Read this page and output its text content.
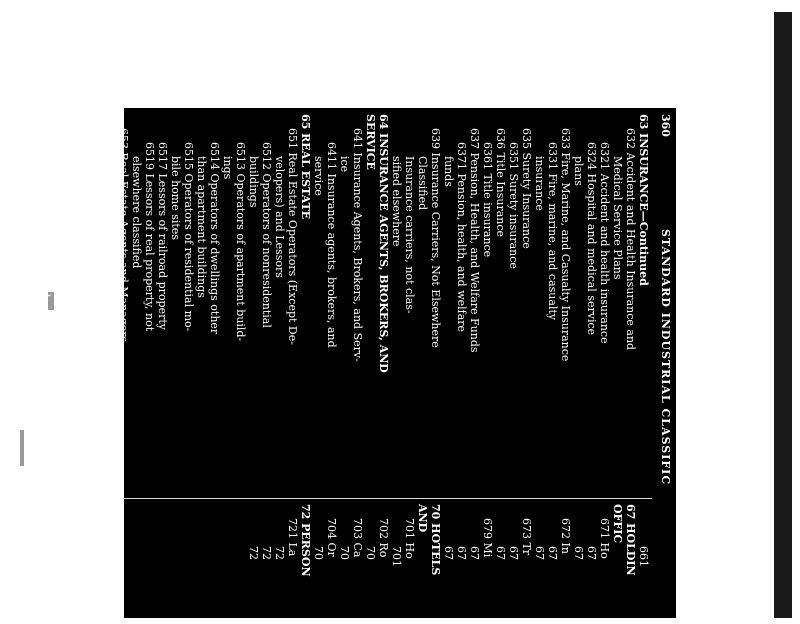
360
STANDARD INDUSTRIAL CLASSIFIC
63 INSURANCE—Continued
632 Accident and Health Insurance and
Medical Service Plans
6321 Accident and health insurance
6324 Hospital and medical service
plans
633 Fire, Marine, and Casualty Insurance
6331 Fire, marine, and casualty
insurance
635 Surety Insurance
6351 Surety insurance
636 Title Insurance
6361 Title insurance
637 Pension, Health, and Welfare Funds
6371 Pension, health, and welfare
funds
639 Insurance Carriers, Not Elsewhere
Classified
Insurance carriers, not clas-
sified elsewhere
64 INSURANCE AGENTS, BROKERS, AND
SERVICE
641 Insurance Agents, Brokers, and Serv-
ice
6411 Insurance agents, brokers, and
service
65 REAL ESTATE
651 Real Estate Operators (Except De-
velopers) and Lessors
6512 Operators of nonresidential
buildings
6513 Operators of apartment build-
ings
6514 Operators of dwellings other
than apartment buildings
6515 Operators of residential mo-
bile home sites
6517 Lessors of railroad property
6519 Lessors of real property, not
elsewhere classified
653 Real Estate Agents and Managers
6531 Real estate agents and man-
agers
654 Title Abstract Offices
6541 Title abstract offices
655 Subdividers and Developers
6552 Subdividers and developers,
except cemeteries
6553 Cemetery subdividers and
developers
661
67 HOLDIN
OFFIC
671 Ho
67
67
672 In
67
67
673 Tr
67
67
679 Mi
67
67
67
70 HOTELS
AND
701 Ho
701
702 Ro
70
703 Ca
70
704 Or
70
72 PERSON
721 La
72
72
72
